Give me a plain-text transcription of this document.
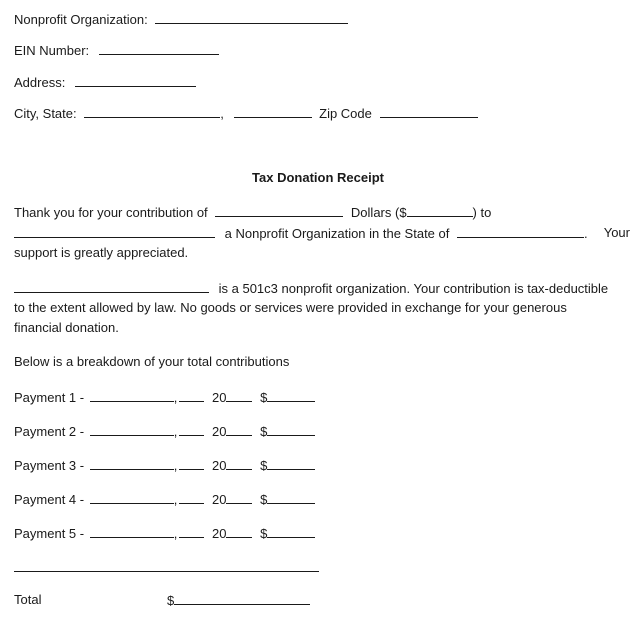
Nonprofit Organization:
EIN Number:
Address:
City, State:	,	Zip Code
Tax Donation Receipt
Thank you for your contribution of	Dollars ($	) to
a Nonprofit Organization in the State of	. Your
support is greatly appreciated.
is a 501c3 nonprofit organization. Your contribution is tax-deductible
to the extent allowed by law. No goods or services were provided in exchange for your generous
financial donation.
Below is a breakdown of your total contributions
Payment 1 -	,	20	$
Payment 2 -	,	20	$
Payment 3 -	,	20	$
Payment 4 -	,	20	$
Payment 5 -	,	20	$
Total	$
